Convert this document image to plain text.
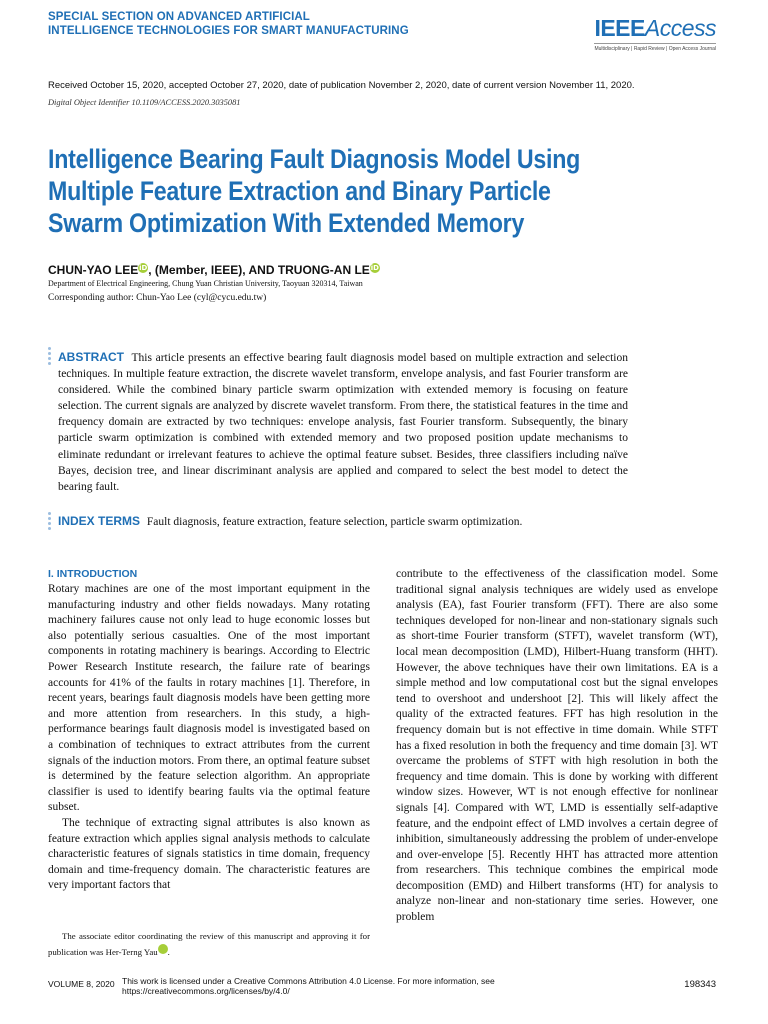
SPECIAL SECTION ON ADVANCED ARTIFICIAL
INTELLIGENCE TECHNOLOGIES FOR SMART MANUFACTURING	IEEEAccess
Multidisciplinary | Rapid Review | Open Access Journal
Received October 15, 2020, accepted October 27, 2020, date of publication November 2, 2020, date of current version November 11, 2020.
Digital Object Identifier 10.1109/ACCESS.2020.3035081
Intelligence Bearing Fault Diagnosis Model Using Multiple Feature Extraction and Binary Particle Swarm Optimization With Extended Memory
CHUN-YAO LEEiD, (Member, IEEE), AND TRUONG-AN LEiD
Department of Electrical Engineering, Chung Yuan Christian University, Taoyuan 320314, Taiwan
Corresponding author: Chun-Yao Lee (cyl@cycu.edu.tw)

ABSTRACT This article presents an effective bearing fault diagnosis model based on multiple extraction and selection techniques. In multiple feature extraction, the discrete wavelet transform, envelope analysis, and fast Fourier transform are considered. While the combined binary particle swarm optimization with extended memory is focusing on feature selection. The current signals are analyzed by discrete wavelet transform. From there, the statistical features in the time and frequency domain are extracted by two techniques: envelope analysis, fast Fourier transform. Subsequently, the binary particle swarm optimization is combined with extended memory and two proposed position update mechanisms to eliminate redundant or irrelevant features to achieve the optimal feature subset. Besides, three classifiers including naïve Bayes, decision tree, and linear discriminant analysis are applied and compared to select the best model to detect the bearing fault.

INDEX TERMS Fault diagnosis, feature extraction, feature selection, particle swarm optimization.
I. INTRODUCTION

Rotary machines are one of the most important equipment in the manufacturing industry and other fields nowadays. Many rotating machinery failures cause not only lead to huge economic losses but also potentially serious casualties. One of the most important components in rotating machinery is bearings. According to Electric Power Research Institute research, the failure rate of bearings accounts for 41% of the faults in rotary machines [1]. Therefore, in recent years, bearings fault diagnosis models have been getting more and more attention from researchers. In this study, a high-performance bearings fault diagnosis model is investigated based on a combination of techniques to extract attributes from the current signals of the induction motors. From there, an optimal feature subset is determined by the feature selection algorithm. An appropriate classifier is used to identify bearing faults via the optimal feature subset.

The technique of extracting signal attributes is also known as feature extraction which applies signal analysis methods to calculate characteristic features of signals statistics in time domain, frequency domain and time-frequency domain. The characteristic features are very important factors that

contribute to the effectiveness of the classification model. Some traditional signal analysis techniques are widely used as envelope analysis (EA), fast Fourier transform (FFT). There are also some techniques developed for non-linear and non-stationary signals such as short-time Fourier transform (STFT), wavelet transform (WT), local mean decomposition (LMD), Hilbert-Huang transform (HHT). However, the above techniques have their own limitations. EA is a simple method and low computational cost but the signal envelopes tend to overshoot and undershoot [2]. This will likely affect the quality of the extracted features. FFT has high resolution in the frequency domain but is not effective in time domain. While STFT has a fixed resolution in both the frequency and time domain [3]. WT overcame the problems of STFT with high resolution in both the frequency and time domain. This is done by working with different window sizes. However, WT is not enough effective for nonlinear signals [4]. Compared with WT, LMD is essentially self-adaptive feature, and the endpoint effect of LMD involves a certain degree of inhibition, simultaneously addressing the problem of under-envelope and over-envelope [5]. Recently HHT has attracted more attention from researchers. This technique combines the empirical mode decomposition (EMD) and Hilbert transforms (HT) for analysis to analyze non-linear and non-stationary time series. However, one problem

The associate editor coordinating the review of this manuscript and approving it for publication was Her-Terng Yau iD.

VOLUME 8, 2020 This work is licensed under a Creative Commons Attribution 4.0 License. For more information, see https://creativecommons.org/licenses/by/4.0/
198343
